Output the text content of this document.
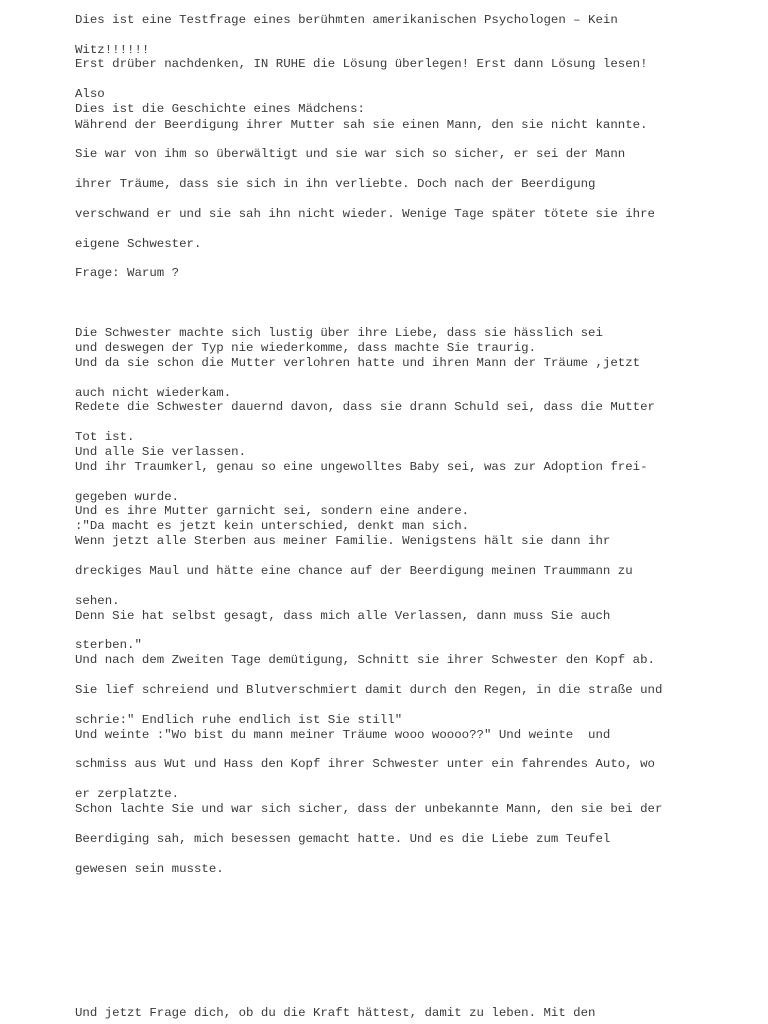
Dies ist eine Testfrage eines berühmten amerikanischen Psychologen – Kein
Witz!!!!!!
Erst drüber nachdenken, IN RUHE die Lösung überlegen! Erst dann Lösung lesen!
Also
Dies ist die Geschichte eines Mädchens:
Während der Beerdigung ihrer Mutter sah sie einen Mann, den sie nicht kannte.
Sie war von ihm so überwältigt und sie war sich so sicher, er sei der Mann
ihrer Träume, dass sie sich in ihn verliebte. Doch nach der Beerdigung
verschwand er und sie sah ihn nicht wieder. Wenige Tage später tötete sie ihre
eigene Schwester.
Frage: Warum ?
Die Schwester machte sich lustig über ihre Liebe, dass sie hässlich sei
und deswegen der Typ nie wiederkomme, dass machte Sie traurig.
Und da sie schon die Mutter verlohren hatte und ihren Mann der Träume ,jetzt
auch nicht wiederkam.
Redete die Schwester dauernd davon, dass sie drann Schuld sei, dass die Mutter
Tot ist.
Und alle Sie verlassen.
Und ihr Traumkerl, genau so eine ungewolltes Baby sei, was zur Adoption frei-
gegeben wurde.
Und es ihre Mutter garnicht sei, sondern eine andere.
:"Da macht es jetzt kein unterschied, denkt man sich.
Wenn jetzt alle Sterben aus meiner Familie. Wenigstens hält sie dann ihr
dreckiges Maul und hätte eine chance auf der Beerdigung meinen Traummann zu
sehen.
Denn Sie hat selbst gesagt, dass mich alle Verlassen, dann muss Sie auch
sterben."
Und nach dem Zweiten Tage demütigung, Schnitt sie ihrer Schwester den Kopf ab.
Sie lief schreiend und Blutverschmiert damit durch den Regen, in die straße und
schrie:" Endlich ruhe endlich ist Sie still"
Und weinte :"Wo bist du mann meiner Träume wooo woooo??" Und weinte  und
schmiss aus Wut und Hass den Kopf ihrer Schwester unter ein fahrendes Auto, wo
er zerplatzte.
Schon lachte Sie und war sich sicher, dass der unbekannte Mann, den sie bei der
Beerdiging sah, mich besessen gemacht hatte. Und es die Liebe zum Teufel
gewesen sein musste.
Und jetzt Frage dich, ob du die Kraft hättest, damit zu leben. Mit den
